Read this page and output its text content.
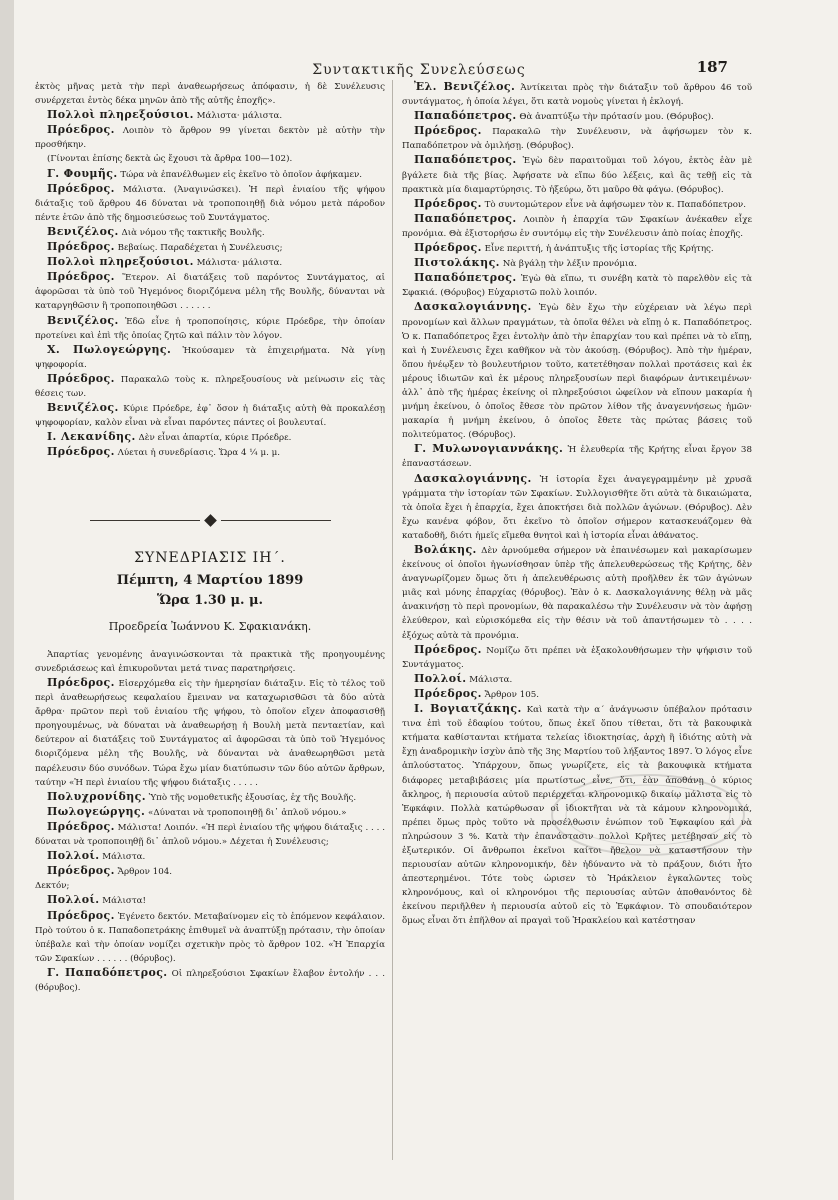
Συντακτικῆς Συνελεύσεως	187

ἐκτὸς μῆνας μετὰ τὴν περὶ ἀναθεωρήσεως ἀπόφασιν, ἡ δὲ Συνέλευσις συνέρχεται ἐντὸς δέκα μηνῶν ἀπὸ τῆς αὐτῆς ἐποχῆς».

Πολλοὶ πληρεξούσιοι. Μάλιστα· μάλιστα.

Πρόεδρος. Λοιπὸν τὸ ἄρθρον 99 γίνεται δεκτὸν μὲ αὐτὴν τὴν προσθήκην.

(Γίνονται ἐπίσης δεκτὰ ὡς ἔχουσι τὰ ἄρθρα 100—102).

Γ. Φουμῆς. Τώρα νὰ ἐπανέλθωμεν εἰς ἐκεῖνο τὸ ὁποῖον ἀφήκαμεν.

Πρόεδρος. Μάλιστα. (Ἀναγινώσκει). Ἡ περὶ ἐνιαίου τῆς ψήφου διάταξις τοῦ ἄρθρου 46 δύναται νὰ τροποποιηθῇ διὰ νόμου μετὰ πάροδον πέντε ἐτῶν ἀπὸ τῆς δημοσιεύσεως τοῦ Συντάγματος.

Βενιζέλος. Διὰ νόμου τῆς τακτικῆς Βουλῆς.

Πρόεδρος. Βεβαίως. Παραδέχεται ἡ Συνέλευσις;

Πολλοὶ πληρεξούσιοι. Μάλιστα· μάλιστα.

Πρόεδρος. Ἕτερον. Αἱ διατάξεις τοῦ παρόντος Συντάγματος, αἱ ἀφορῶσαι τὰ ὑπὸ τοῦ Ἡγεμόνος διοριζόμενα μέλη τῆς Βουλῆς, δύνανται νὰ καταργηθῶσιν ἢ τροποποιηθῶσι . . . . . .

Βενιζέλος. Ἐδῶ εἶνε ἡ τροποποίησις, κύριε Πρόεδρε, τὴν ὁποίαν προτείνει καὶ ἐπὶ τῆς ὁποίας ζητῶ καὶ πάλιν τὸν λόγον.

Χ. Πωλογεώργης. Ἠκούσαμεν τὰ ἐπιχειρήματα. Νὰ γίνῃ ψηφοφορία.

Πρόεδρος. Παρακαλῶ τοὺς κ. πληρεξουσίους νὰ μείνωσιν εἰς τὰς θέσεις των.

Βενιζέλος. Κύριε Πρόεδρε, ἐφ᾽ ὅσον ἡ διάταξις αὐτὴ θὰ προκαλέσῃ ψηφοφορίαν, καλὸν εἶναι νὰ εἶναι παρόντες πάντες οἱ βουλευταί.

Ι. Λεκανίδης. Δὲν εἶναι ἀπαρτία, κύριε Πρόεδρε.

Πρόεδρος. Λύεται ἡ συνεδρίασις. Ὥρα 4 ¼ μ. μ.

ΣΥΝΕΔΡΙΑΣΙΣ ΙΗ΄.
Πέμπτη, 4 Μαρτίου 1899
Ὥρα 1.30 μ. μ.
Προεδρεία Ἰωάννου Κ. Σφακιανάκη.

Ἀπαρτίας γενομένης ἀναγινώσκονται τὰ πρακτικὰ τῆς προηγουμένης συνεδριάσεως καὶ ἐπικυροῦνται μετά τινας παρατηρήσεις.

Πρόεδρος. Εἰσερχόμεθα εἰς τὴν ἡμερησίαν διάταξιν. Εἰς τὸ τέλος τοῦ περὶ ἀναθεωρήσεως κεφαλαίου ἔμειναν να καταχωρισθῶσι τὰ δύο αὐτὰ ἄρθρα· πρῶτον περὶ τοῦ ἐνιαίου τῆς ψήφου, τὸ ὁποῖον εἴχεν ἀποφασισθῇ προηγουμένως, νὰ δύναται νὰ ἀναθεωρήσῃ ἡ Βουλὴ μετὰ πενταετίαν, καὶ δεύτερον αἱ διατάξεις τοῦ Συντάγματος αἱ ἀφορῶσαι τὰ ὑπὸ τοῦ Ἡγεμόνος διοριζόμενα μέλη τῆς Βουλῆς, νὰ δύνανται νὰ ἀναθεωρηθῶσι μετὰ παρέλευσιν δύο συνόδων. Τώρα ἔχω μίαν διατύπωσιν τῶν δύο αὐτῶν ἄρθρων, ταύτην «Ἡ περὶ ἐνιαίου τῆς ψήφου διάταξις . . . . .

Πολυχρονίδης. Ὑπὸ τῆς νομοθετικῆς ἐξουσίας, ἐχ τῆς Βουλῆς.

Πωλογεώργης. «Δύναται νὰ τροποποιηθῇ δι᾽ ἁπλοῦ νόμου.»

Πρόεδρος. Μάλιστα! Λοιπόν. «Ἡ περὶ ἐνιαίου τῆς ψήφου διάταξις . . . . δύναται νὰ τροποποιηθῇ δι᾽ ἁπλοῦ νόμου.» Δέχεται ἡ Συνέλευσις;

Πολλοί. Μάλιστα.

Πρόεδρος. Ἄρθρον 104.

Δεκτόν;

Πολλοί. Μάλιστα!

Πρόεδρος. Ἐγένετο δεκτόν. Μεταβαίνομεν εἰς τὸ ἑπόμενον κεφάλαιον. Πρὸ τούτου ὁ κ. Παπαδοπετράκης ἐπιθυμεῖ νὰ ἀναπτύξῃ πρότασιν, τὴν ὁποίαν ὑπέβαλε καὶ τὴν ὁποίαν νομίζει σχετικὴν πρὸς τὸ ἄρθρον 102. «Ἡ Ἐπαρχία τῶν Σφακίων . . . . . . (θόρυβος).

Γ. Παπαδόπετρος. Οἱ πληρεξούσιοι Σφακίων ἔλαβον ἐντολήν . . . (θόρυβος).

Ἐλ. Βενιζέλος. Ἀντίκειται πρὸς τὴν διάταξιν τοῦ ἄρθρου 46 τοῦ συντάγματος, ἡ ὁποία λέγει, ὅτι κατὰ νομοὺς γίνεται ἡ ἐκλογή.

Παπαδόπετρος. Θὰ ἀναπτύξω τὴν πρότασίν μου. (Θόρυβος).

Πρόεδρος. Παρακαλῶ τὴν Συνέλευσιν, νὰ ἀφήσωμεν τὸν κ. Παπαδόπετρον νὰ ὁμιλήσῃ. (Θόρυβος).

Παπαδόπετρος. Ἐγὼ δὲν παραιτοῦμαι τοῦ λόγου, ἐκτὸς ἐὰν μὲ βγάλετε διὰ τῆς βίας. Ἀφήσατε νὰ εἴπω δύο λέξεις, καὶ ἂς τεθῇ εἰς τὰ πρακτικὰ μία διαμαρτύρησις. Τὸ ἠξεύρω, ὅτι μαῦρο θὰ φάγω. (Θόρυβος).

Πρόεδρος. Τὸ συντομώτερον εἶνε νὰ ἀφήσωμεν τὸν κ. Παπαδόπετρον.

Παπαδόπετρος. Λοιπὸν ἡ ἐπαρχία τῶν Σφακίων ἀνέκαθεν εἶχε προνόμια. Θὰ ἐξιστορήσω ἐν συντόμῳ εἰς τὴν Συνέλευσιν ἀπὸ ποίας ἐποχῆς.

Πρόεδρος. Εἶνε περιττή, ἡ ἀνάπτυξις τῆς ἱστορίας τῆς Κρήτης.

Πιστολάκης. Νὰ βγάλῃ τὴν λέξιν προνόμια.

Παπαδόπετρος. Ἐγὼ θὰ εἴπω, τι συνέβη κατὰ τὸ παρελθὸν εἰς τὰ Σφακιά. (Θόρυβος) Εὐχαριστῶ πολὺ λοιπόν.

Δασκαλογιάννης. Ἐγὼ δὲν ἔχω τὴν εὐχέρειαν νὰ λέγω περὶ προνομίων καὶ ἄλλων πραγμάτων, τὰ ὁποῖα θέλει νὰ εἴπῃ ὁ κ. Παπαδόπετρος. Ὁ κ. Παπαδόπετρος ἔχει ἐντολὴν ἀπὸ τὴν ἐπαρχίαν του καὶ πρέπει νὰ τὸ εἴπῃ, καὶ ἡ Συνέλευσις ἔχει καθῆκον νὰ τὸν ἀκούσῃ. (Θόρυβος). Ἀπὸ τὴν ἡμέραν, ὅπου ἠνέῳξεν τὸ βουλευτήριον τοῦτο, κατετέθησαν πολλαὶ προτάσεις καὶ ἐκ μέρους ἰδιωτῶν καὶ ἐκ μέρους πληρεξουσίων περὶ διαφόρων ἀντικειμένων· ἀλλ᾽ ἀπὸ τῆς ἡμέρας ἐκείνης οἱ πληρεξούσιοι ὠφείλον νὰ εἴπουν μακαρία ἡ μνήμη ἐκείνου, ὁ ὁποῖος ἔθεσε τὸν πρῶτον λίθον τῆς ἀναγεννήσεως ἡμῶν· μακαρία ἡ μνήμη ἐκείνου, ὁ ὁποῖος ἔθετε τὰς πρώτας βάσεις τοῦ πολιτεύματος. (Θόρυβος).

Γ. Μυλωνογιαννάκης. Ἡ ἐλευθερία τῆς Κρήτης εἶναι ἔργον 38 ἐπαναστάσεων.

Δασκαλογιάννης. Ἡ ἱστορία ἔχει ἀναγεγραμμένην μὲ χρυσᾶ γράμματα τὴν ἱστορίαν τῶν Σφακίων. Συλλογισθῆτε ὅτι αὐτὰ τὰ δικαιώματα, τὰ ὁποῖα ἔχει ἡ ἐπαρχία, ἔχει ἀποκτήσει διὰ πολλῶν ἀγώνων. (Θόρυβος). Δὲν ἔχω κανένα φόβον, ὅτι ἐκεῖνο τὸ ὁποῖον σήμερον κατασκευάζομεν θὰ καταδοθῆ, διότι ἡμεῖς εἴμεθα θνητοὶ καὶ ἡ ἱστορία εἶναι ἀθάνατος.

Βολάκης. Δὲν ἀρνούμεθα σήμερον νὰ ἐπαινέσωμεν καὶ μακαρίσωμεν ἐκείνους οἱ ὁποῖοι ἠγωνίσθησαν ὑπὲρ τῆς ἀπελευθερώσεως τῆς Κρήτης, δὲν ἀναγνωρίζομεν ὅμως ὅτι ἡ ἀπελευθέρωσις αὐτὴ προῆλθεν ἐκ τῶν ἀγώνων μιᾶς καὶ μόνης ἐπαρχίας (θόρυβος). Ἐὰν ὁ κ. Δασκαλογιάννης θέλῃ νὰ μᾶς ἀνακινήσῃ τὸ περὶ προνομίων, θὰ παρακαλέσω τὴν Συνέλευσιν νὰ τὸν ἀφήσῃ ἐλεύθερον, καὶ εὑρισκόμεθα εἰς τὴν θέσιν νὰ τοῦ ἀπαντήσωμεν τὸ . . . . ἐξόχως αὐτὰ τὰ προνόμια.

Πρόεδρος. Νομίζω ὅτι πρέπει νὰ ἐξακολουθήσωμεν τὴν ψήφισιν τοῦ Συντάγματος.

Πολλοί. Μάλιστα.

Πρόεδρος. Ἄρθρον 105.

Ι. Βογιατζάκης. Καὶ κατὰ τὴν α΄ ἀνάγνωσιν ὑπέβαλον πρότασιν τινα ἐπὶ τοῦ ἐδαφίου τούτου, ὅπως ἐκεῖ ὅπου τίθεται, ὅτι τὰ βακουφικὰ κτήματα καθίστανται κτήματα τελείας ἰδιοκτησίας, ἀρχὴ ἢ ἰδιότης αὐτὴ νὰ ἔχῃ ἀναδρομικὴν ἰσχὺν ἀπὸ τῆς 3ης Μαρτίου τοῦ λήξαντος 1897. Ὁ λόγος εἶνε ἁπλούστατος. Ὑπάρχουν, ὅπως γνωρίζετε, εἰς τὰ βακουφικὰ κτήματα διάφορες μεταβιβάσεις μία πρωτίστως εἶνε, ὅτι, ἐὰν ἀποθάνῃ ὁ κύριος ἄκληρος, ἡ περιουσία αὐτοῦ περιέρχεται κληρονομικῷ δικαίῳ μάλιστα εἰς τὸ Ἐφκάφιν. Πολλὰ κατώρθωσαν οἱ ἰδιοκτῆται νὰ τὰ κάμουν κληρονομικά, πρέπει ὅμως πρὸς τοῦτο νὰ προσέλθωσιν ἐνώπιον τοῦ Ἐφκαφίου καὶ νὰ πληρώσουν 3 %. Κατὰ τὴν ἐπανάστασιν πολλοὶ Κρῆτες μετέβησαν εἰς τὸ ἐξωτερικόν. Οἱ ἄνθρωποι ἐκεῖνοι καίτοι ἤθελον νὰ καταστήσουν τὴν περιουσίαν αὐτῶν κληρονομικήν, δὲν ἠδύναντο νὰ τὸ πράξουν, διότι ἦτο ἀπεστερημένοι. Τότε τοὺς ὡρισεν τὸ Ἡράκλειον ἐγκαλῶντες τοὺς κληρονόμους, καὶ οἱ κληρονόμοι τῆς περιουσίας αὐτῶν ἀποθανόντος δὲ ἐκείνου περιῆλθεν ἡ περιουσία αὐτοῦ εἰς τὸ Ἐφκάφιον. Τὸ σπουδαιότερον ὅμως εἶναι ὅτι ἐπῆλθον αἱ πραγαὶ τοῦ Ἡρακλείου καὶ κατέστησαν
